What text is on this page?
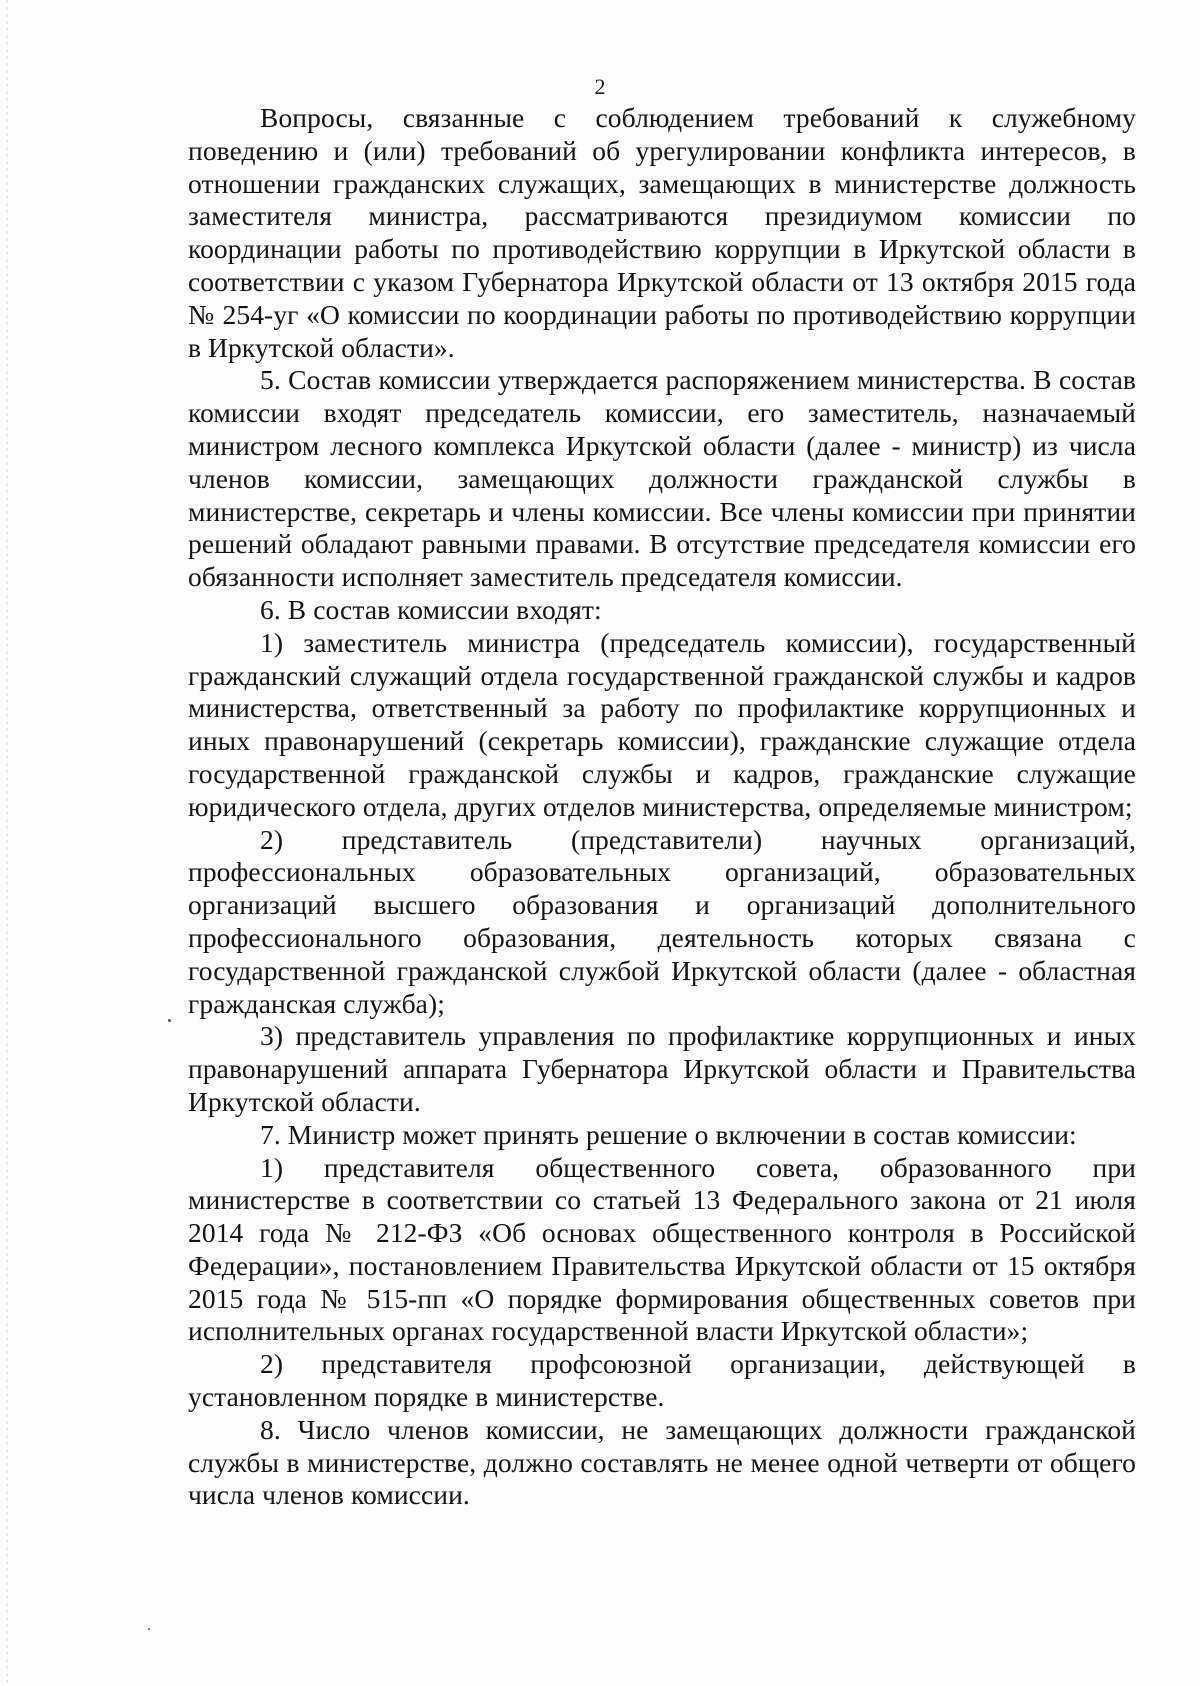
2

Вопросы, связанные с соблюдением требований к служебному поведению и (или) требований об урегулировании конфликта интересов, в отношении гражданских служащих, замещающих в министерстве должность заместителя министра, рассматриваются президиумом комиссии по координации работы по противодействию коррупции в Иркутской области в соответствии с указом Губернатора Иркутской области от 13 октября 2015 года № 254-уг «О комиссии по координации работы по противодействию коррупции в Иркутской области».

5. Состав комиссии утверждается распоряжением министерства. В состав комиссии входят председатель комиссии, его заместитель, назначаемый министром лесного комплекса Иркутской области (далее - министр) из числа членов комиссии, замещающих должности гражданской службы в министерстве, секретарь и члены комиссии. Все члены комиссии при принятии решений обладают равными правами. В отсутствие председателя комиссии его обязанности исполняет заместитель председателя комиссии.

6. В состав комиссии входят:

1) заместитель министра (председатель комиссии), государственный гражданский служащий отдела государственной гражданской службы и кадров министерства, ответственный за работу по профилактике коррупционных и иных правонарушений (секретарь комиссии), гражданские служащие отдела государственной гражданской службы и кадров, гражданские служащие юридического отдела, других отделов министерства, определяемые министром;

2) представитель (представители) научных организаций, профессиональных образовательных организаций, образовательных организаций высшего образования и организаций дополнительного профессионального образования, деятельность которых связана с государственной гражданской службой Иркутской области (далее - областная гражданская служба);

3) представитель управления по профилактике коррупционных и иных правонарушений аппарата Губернатора Иркутской области и Правительства Иркутской области.

7. Министр может принять решение о включении в состав комиссии:

1) представителя общественного совета, образованного при министерстве в соответствии со статьей 13 Федерального закона от 21 июля 2014 года № 212-ФЗ «Об основах общественного контроля в Российской Федерации», постановлением Правительства Иркутской области от 15 октября 2015 года № 515-пп «О порядке формирования общественных советов при исполнительных органах государственной власти Иркутской области»;

2) представителя профсоюзной организации, действующей в установленном порядке в министерстве.

8. Число членов комиссии, не замещающих должности гражданской службы в министерстве, должно составлять не менее одной четверти от общего числа членов комиссии.
